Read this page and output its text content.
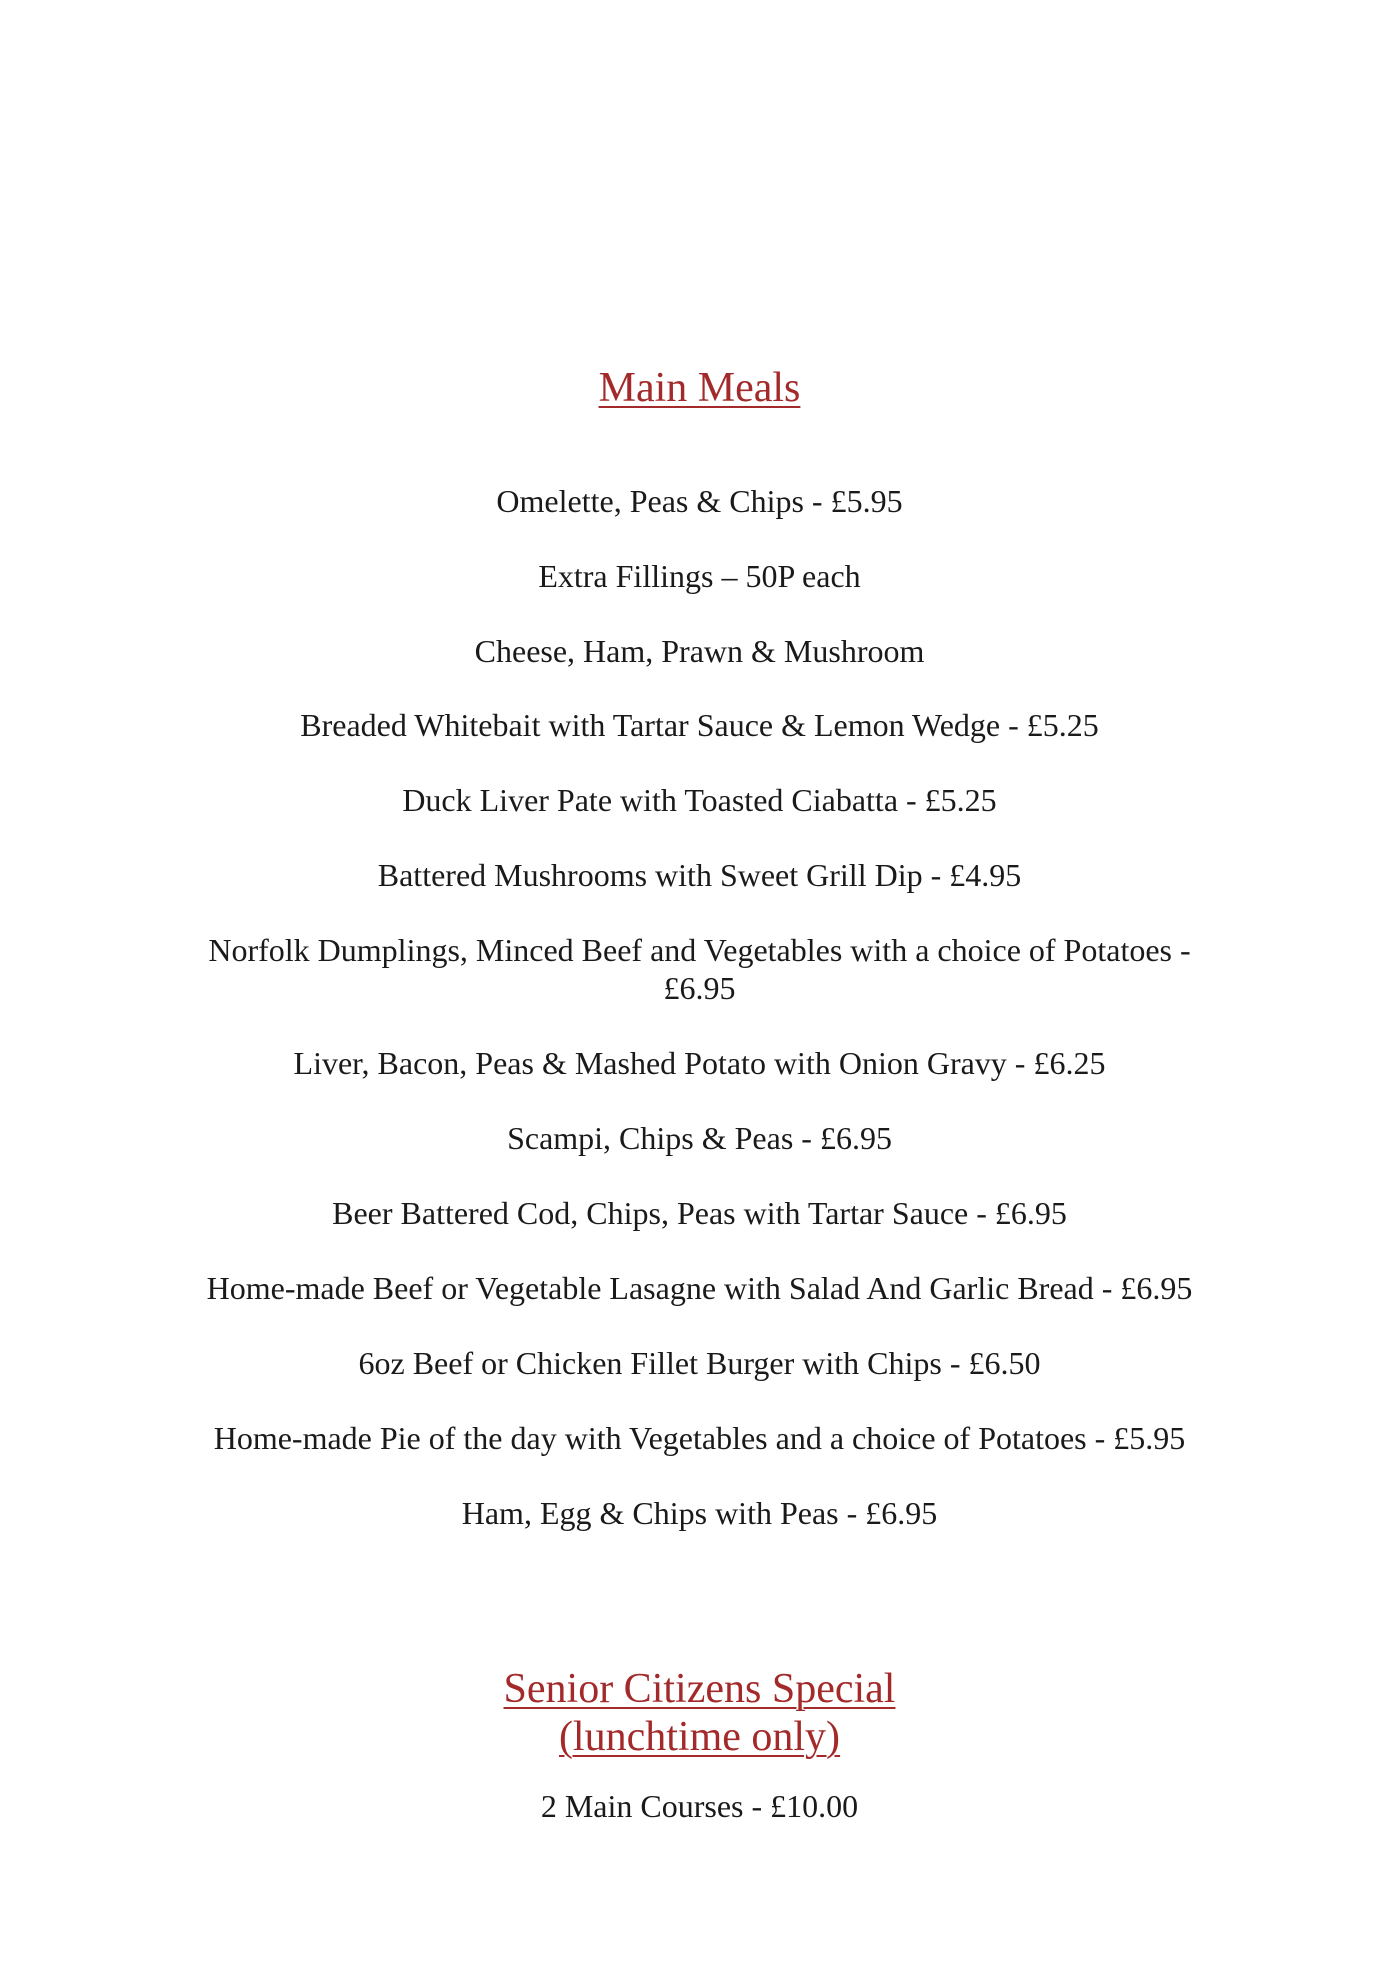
Main Meals
Omelette, Peas & Chips - £5.95
Extra Fillings – 50P each
Cheese, Ham, Prawn & Mushroom
Breaded Whitebait with Tartar Sauce & Lemon Wedge - £5.25
Duck Liver Pate with Toasted Ciabatta - £5.25
Battered Mushrooms with Sweet Grill Dip - £4.95
Norfolk Dumplings, Minced Beef and Vegetables with a choice of Potatoes -
£6.95
Liver, Bacon, Peas & Mashed Potato with Onion Gravy - £6.25
Scampi, Chips & Peas - £6.95
Beer Battered Cod, Chips, Peas with Tartar Sauce - £6.95
Home-made Beef or Vegetable Lasagne with Salad And Garlic Bread - £6.95
6oz Beef or Chicken Fillet Burger with Chips - £6.50
Home-made Pie of the day with Vegetables and a choice of Potatoes - £5.95
Ham, Egg & Chips with Peas - £6.95
Senior Citizens Special
(lunchtime only)
2 Main Courses - £10.00
